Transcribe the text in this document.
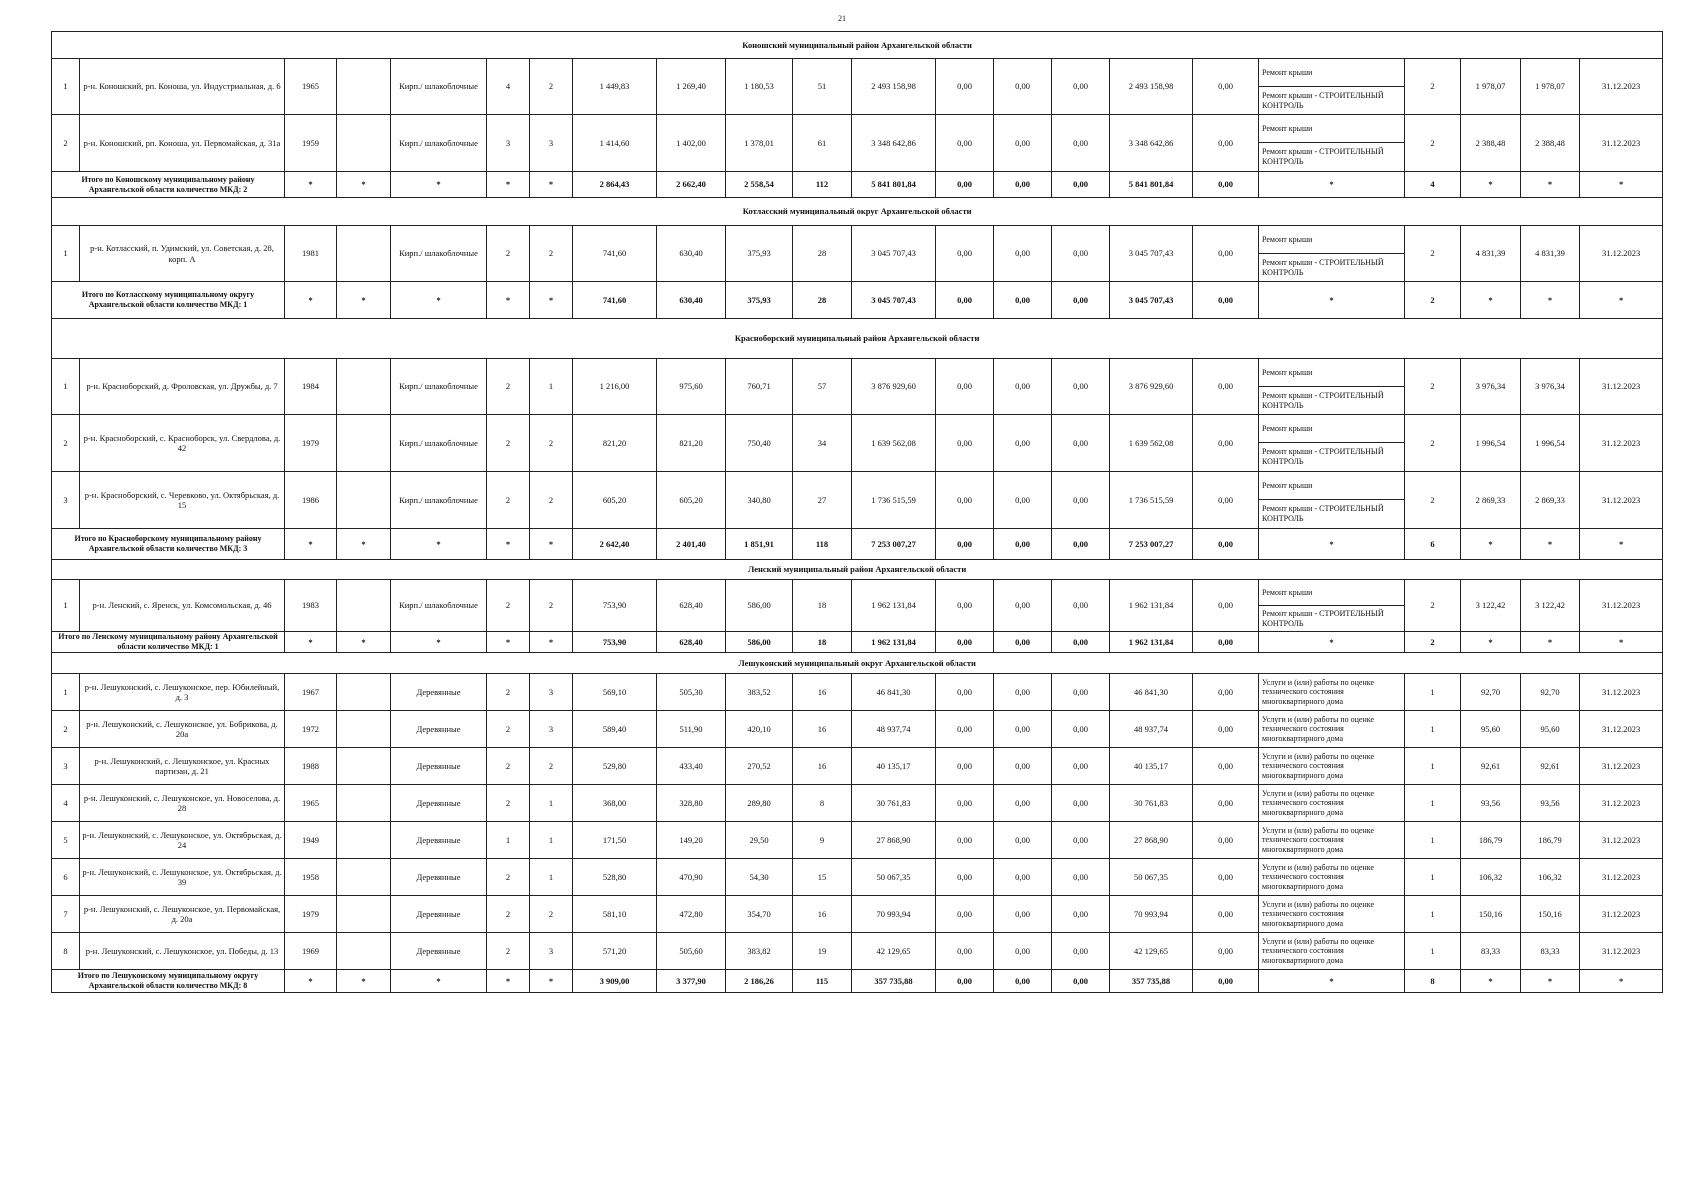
21
Коношский муниципальный район Архангельской области																					
1	р-н. Коношский, рп. Коноша, ул. Индустриальная, д. 6	1965		Кирп./ шлакоблочные	4	2	1 449,83	1 269,40	1 180,53	51	2 493 158,98	0,00	0,00	0,00	2 493 158,98	0,00	Ремонт крыши	2	1 978,07	1 978,07	31.12.2023
																	Ремонт крыши - СТРОИТЕЛЬНЫЙ КОНТРОЛЬ				
2	р-н. Коношский, рп. Коноша, ул. Первомайская, д. 31а	1959		Кирп./ шлакоблочные	3	3	1 414,60	1 402,00	1 378,01	61	3 348 642,86	0,00	0,00	0,00	3 348 642,86	0,00	Ремонт крыши	2	2 388,48	2 388,48	31.12.2023
																	Ремонт крыши - СТРОИТЕЛЬНЫЙ КОНТРОЛЬ				
Итого по Коношскому муниципальному району Архангельской области количество МКД: 2		*	*	*	*	*	2 864,43	2 662,40	2 558,54	112	5 841 801,84	0,00	0,00	0,00	5 841 801,84	0,00	*	4	*	*	*
Котласский муниципальный округ Архангельской области																					
1	р-н. Котласский, п. Удимский, ул. Советская, д. 28, корп. А	1981		Кирп./ шлакоблочные	2	2	741,60	630,40	375,93	28	3 045 707,43	0,00	0,00	0,00	3 045 707,43	0,00	Ремонт крыши	2	4 831,39	4 831,39	31.12.2023
																	Ремонт крыши - СТРОИТЕЛЬНЫЙ КОНТРОЛЬ				
Итого по Котласскому муниципальному округу Архангельской области количество МКД: 1		*	*	*	*	*	741,60	630,40	375,93	28	3 045 707,43	0,00	0,00	0,00	3 045 707,43	0,00	*	2	*	*	*
Красноборский муниципальный район Архангельской области																					
1	р-н. Красноборский, д. Фроловская, ул. Дружбы, д. 7	1984		Кирп./ шлакоблочные	2	1	1 216,00	975,60	760,71	57	3 876 929,60	0,00	0,00	0,00	3 876 929,60	0,00	Ремонт крыши	2	3 976,34	3 976,34	31.12.2023
																	Ремонт крыши - СТРОИТЕЛЬНЫЙ КОНТРОЛЬ				
2	р-н. Красноборский, с. Красноборск, ул. Свердлова, д. 42	1979		Кирп./ шлакоблочные	2	2	821,20	821,20	750,40	34	1 639 562,08	0,00	0,00	0,00	1 639 562,08	0,00	Ремонт крыши	2	1 996,54	1 996,54	31.12.2023
																	Ремонт крыши - СТРОИТЕЛЬНЫЙ КОНТРОЛЬ				
3	р-н. Красноборский, с. Черевково, ул. Октябрьская, д. 15	1986		Кирп./ шлакоблочные	2	2	605,20	605,20	340,80	27	1 736 515,59	0,00	0,00	0,00	1 736 515,59	0,00	Ремонт крыши	2	2 869,33	2 869,33	31.12.2023
																	Ремонт крыши - СТРОИТЕЛЬНЫЙ КОНТРОЛЬ				
Итого по Красноборскому муниципальному району Архангельской области количество МКД: 3		*	*	*	*	*	2 642,40	2 401,40	1 851,91	118	7 253 007,27	0,00	0,00	0,00	7 253 007,27	0,00	*	6	*	*	*
Ленский муниципальный район Архангельской области																					
1	р-н. Ленский, с. Яренск, ул. Комсомольская, д. 46	1983		Кирп./ шлакоблочные	2	2	753,90	628,40	586,00	18	1 962 131,84	0,00	0,00	0,00	1 962 131,84	0,00	Ремонт крыши	2	3 122,42	3 122,42	31.12.2023
																	Ремонт крыши - СТРОИТЕЛЬНЫЙ КОНТРОЛЬ				
Итого по Ленскому муниципальному району Архангельской области количество МКД: 1		*	*	*	*	*	753,90	628,40	586,00	18	1 962 131,84	0,00	0,00	0,00	1 962 131,84	0,00	*	2	*	*	*
Лешуконский муниципальный округ Архангельской области																					
1	р-н. Лешуконский, с. Лешуконское, пер. Юбилейный, д. 3	1967		Деревянные	2	3	569,10	505,30	383,52	16	46 841,30	0,00	0,00	0,00	46 841,30	0,00	Услуги и (или) работы по оценке технического состояния многоквартирного дома	1	92,70	92,70	31.12.2023
2	р-н. Лешуконский, с. Лешуконское, ул. Бобрикова, д. 20а	1972		Деревянные	2	3	589,40	511,90	420,10	16	48 937,74	0,00	0,00	0,00	48 937,74	0,00	Услуги и (или) работы по оценке технического состояния многоквартирного дома	1	95,60	95,60	31.12.2023
3	р-н. Лешуконский, с. Лешуконское, ул. Красных партизан, д. 21	1988		Деревянные	2	2	529,80	433,40	270,52	16	40 135,17	0,00	0,00	0,00	40 135,17	0,00	Услуги и (или) работы по оценке технического состояния многоквартирного дома	1	92,61	92,61	31.12.2023
4	р-н. Лешуконский, с. Лешуконское, ул. Новоселова, д. 28	1965		Деревянные	2	1	368,00	328,80	289,80	8	30 761,83	0,00	0,00	0,00	30 761,83	0,00	Услуги и (или) работы по оценке технического состояния многоквартирного дома	1	93,56	93,56	31.12.2023
5	р-н. Лешуконский, с. Лешуконское, ул. Октябрьская, д. 24	1949		Деревянные	1	1	171,50	149,20	29,50	9	27 868,90	0,00	0,00	0,00	27 868,90	0,00	Услуги и (или) работы по оценке технического состояния многоквартирного дома	1	186,79	186,79	31.12.2023
6	р-н. Лешуконский, с. Лешуконское, ул. Октябрьская, д. 39	1958		Деревянные	2	1	528,80	470,90	54,30	15	50 067,35	0,00	0,00	0,00	50 067,35	0,00	Услуги и (или) работы по оценке технического состояния многоквартирного дома	1	106,32	106,32	31.12.2023
7	р-н. Лешуконский, с. Лешуконское, ул. Первомайская, д. 20а	1979		Деревянные	2	2	581,10	472,80	354,70	16	70 993,94	0,00	0,00	0,00	70 993,94	0,00	Услуги и (или) работы по оценке технического состояния многоквартирного дома	1	150,16	150,16	31.12.2023
8	р-н. Лешуконский, с. Лешуконское, ул. Победы, д. 13	1969		Деревянные	2	3	571,20	505,60	383,82	19	42 129,65	0,00	0,00	0,00	42 129,65	0,00	Услуги и (или) работы по оценке технического состояния многоквартирного дома	1	83,33	83,33	31.12.2023
Итого по Лешуконскому муниципальному округу Архангельской области количество МКД: 8		*	*	*	*	*	3 909,00	3 377,90	2 186,26	115	357 735,88	0,00	0,00	0,00	357 735,88	0,00	*	8	*	*	*
